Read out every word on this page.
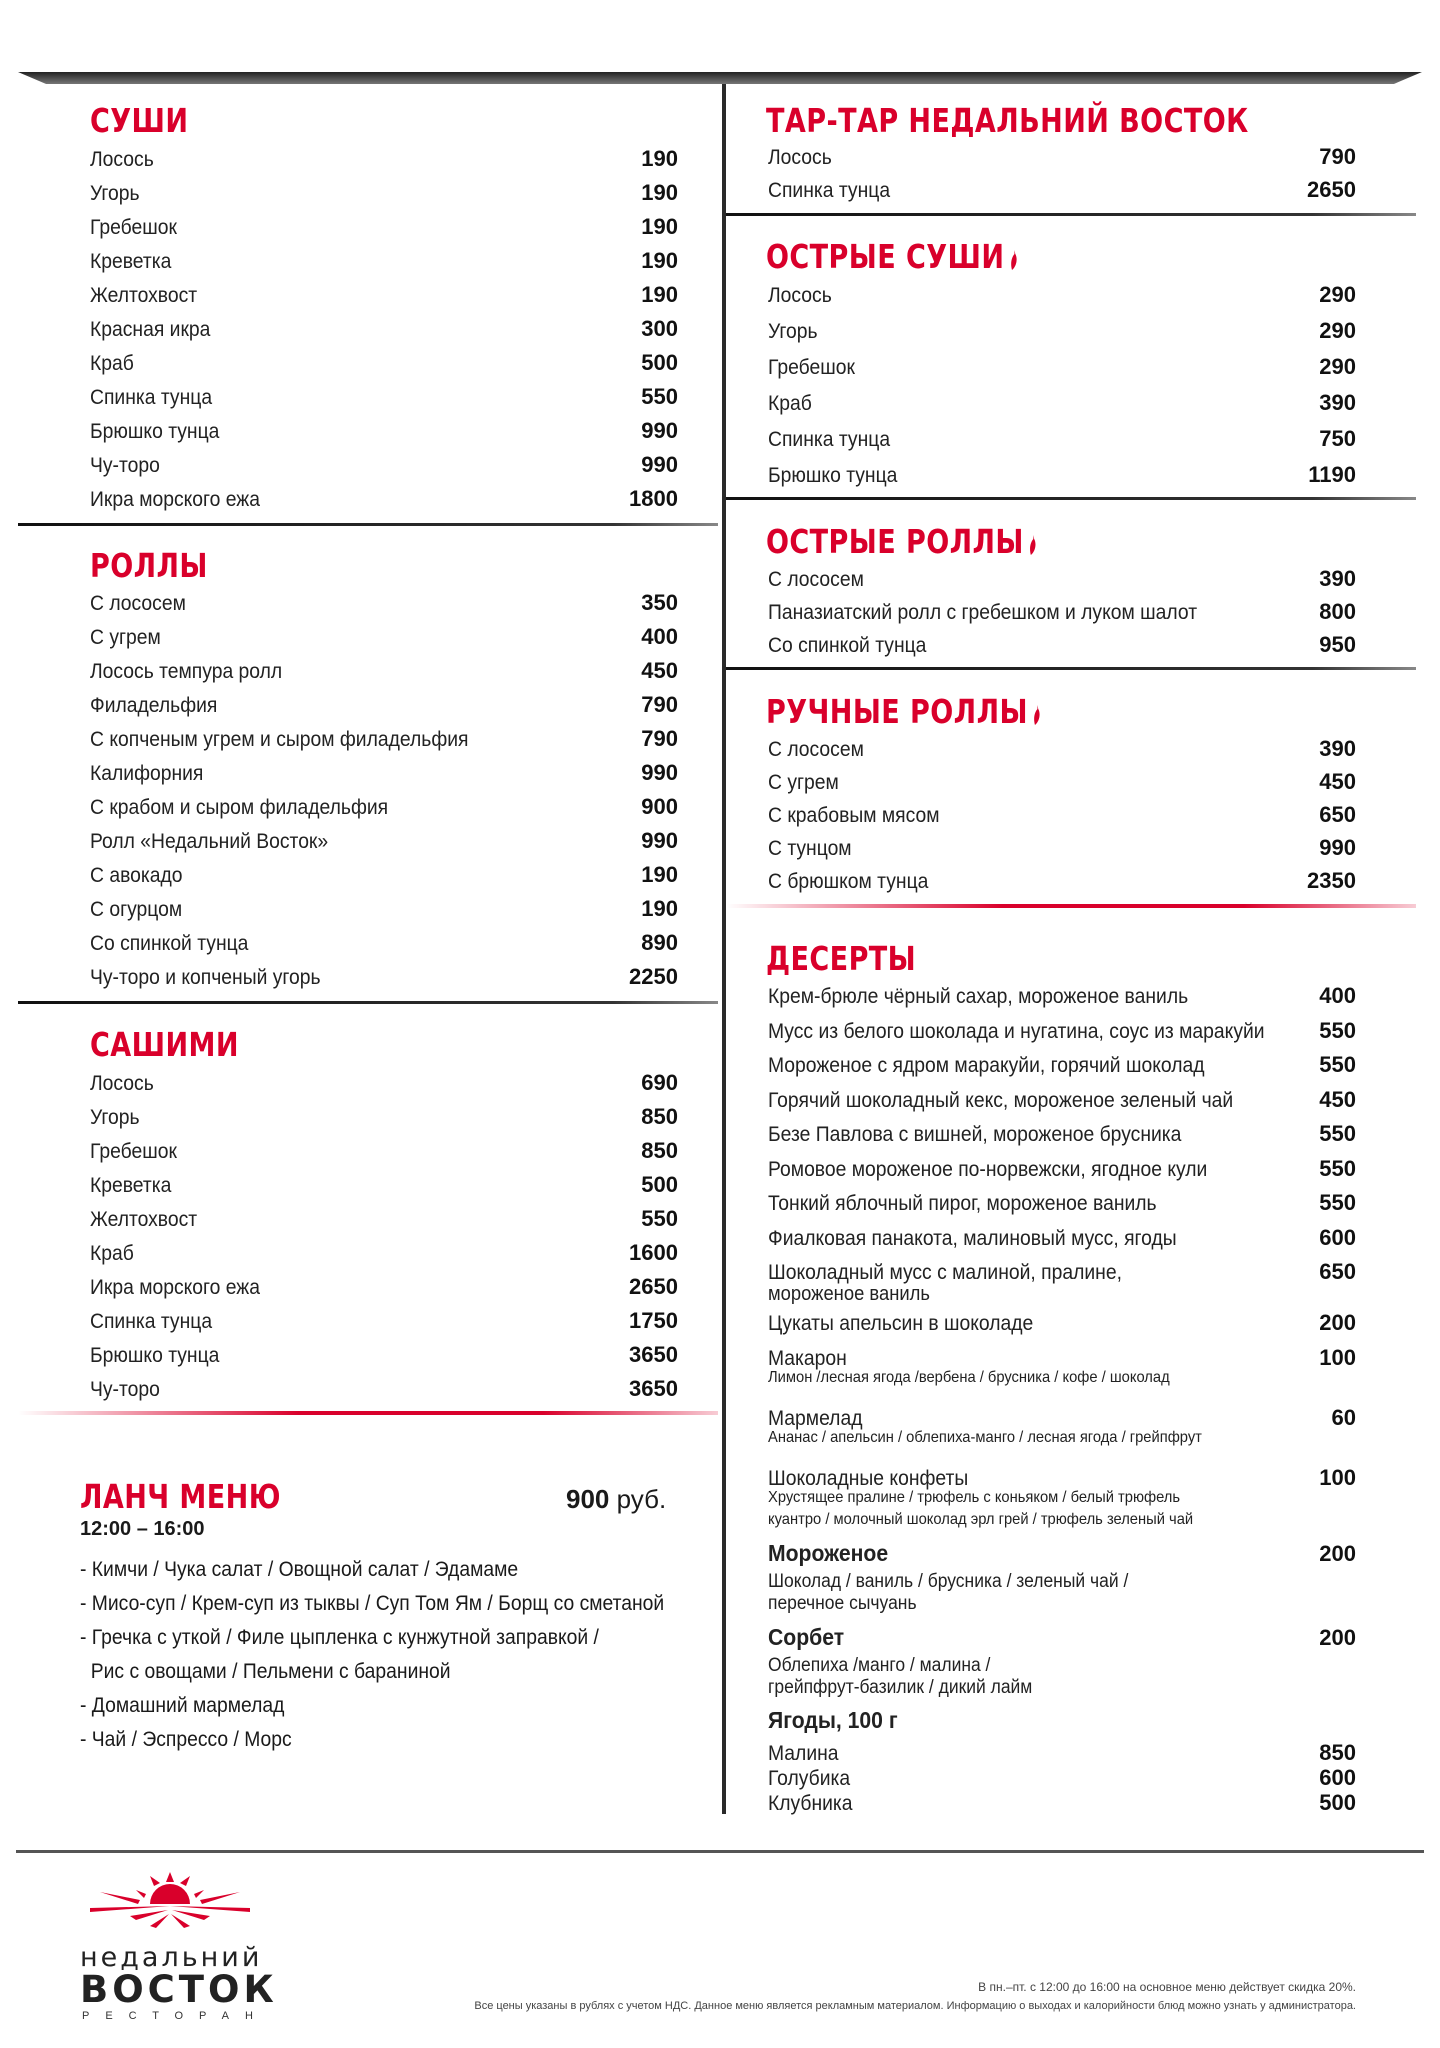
СУШИ
Лосось	190
Угорь	190
Гребешок	190
Креветка	190
Желтохвост	190
Красная икра	300
Краб	500
Спинка тунца	550
Брюшко тунца	990
Чу-торо	990
Икра морского ежа	1800
РОЛЛЫ
С лососем	350
С угрем	400
Лосось темпура ролл	450
Филадельфия	790
С копченым угрем и сыром филадельфия	790
Калифорния	990
С крабом и сыром филадельфия	900
Ролл «Недальний Восток»	990
С авокадо	190
С огурцом	190
Со спинкой тунца	890
Чу-торо и копченый угорь	2250
САШИМИ
Лосось	690
Угорь	850
Гребешок	850
Креветка	500
Желтохвост	550
Краб	1600
Икра морского ежа	2650
Спинка тунца	1750
Брюшко тунца	3650
Чу-торо	3650
ЛАНЧ МЕНЮ	900 руб.
12:00 – 16:00
- Кимчи / Чука салат / Овощной салат / Эдамаме
- Мисо-суп / Крем-суп из тыквы / Суп Том Ям / Борщ со сметаной
- Гречка с уткой / Филе цыпленка с кунжутной заправкой /
Рис с овощами / Пельмени с бараниной
- Домашний мармелад
- Чай / Эспрессо / Морс
ТАР-ТАР НЕДАЛЬНИЙ ВОСТОК
Лосось	790
Спинка тунца	2650
ОСТРЫЕ СУШИ
Лосось	290
Угорь	290
Гребешок	290
Краб	390
Спинка тунца	750
Брюшко тунца	1190
ОСТРЫЕ РОЛЛЫ
С лососем	390
Паназиатский ролл с гребешком и луком шалот	800
Со спинкой тунца	950
РУЧНЫЕ РОЛЛЫ
С лососем	390
С угрем	450
С крабовым мясом	650
С тунцом	990
С брюшком тунца	2350
ДЕСЕРТЫ
Крем-брюле чёрный сахар, мороженое ваниль	400
Мусс из белого шоколада и нугатина, соус из маракуйи 550
Мороженое с ядром маракуйи, горячий шоколад	550
Горячий шоколадный кекс, мороженое зеленый чай	450
Безе Павлова с вишней, мороженое брусника	550
Ромовое мороженое по-норвежски, ягодное кули	550
Тонкий яблочный пирог, мороженое ваниль	550
Фиалковая панакота, малиновый мусс, ягоды	600
Шоколадный мусс с малиной, пралине,	650
мороженое ваниль
Цукаты апельсин в шоколаде	200
Макарон	100
Лимон /лесная ягода /вербена / брусника / кофе / шоколад
Мармелад	60
Ананас / апельсин / облепиха-манго / лесная ягода / грейпфрут
Шоколадные конфеты	100
Хрустящее пралине / трюфель с коньяком / белый трюфель
куантро / молочный шоколад эрл грей / трюфель зеленый чай
Мороженое	200
Шоколад / ваниль / брусника / зеленый чай /
перечное сычуань
Сорбет	200
Облепиха /манго / малина /
грейпфрут-базилик / дикий лайм
Ягоды, 100 г
Малина	850
Голубика	600
Клубника	500
недальний
ВОСТОК
РЕСТОРАН
В пн.–пт. с 12:00 до 16:00 на основное меню действует скидка 20%.
Все цены указаны в рублях с учетом НДС. Данное меню является рекламным материалом. Информацию о выходах и калорийности блюд можно узнать у администратора.
